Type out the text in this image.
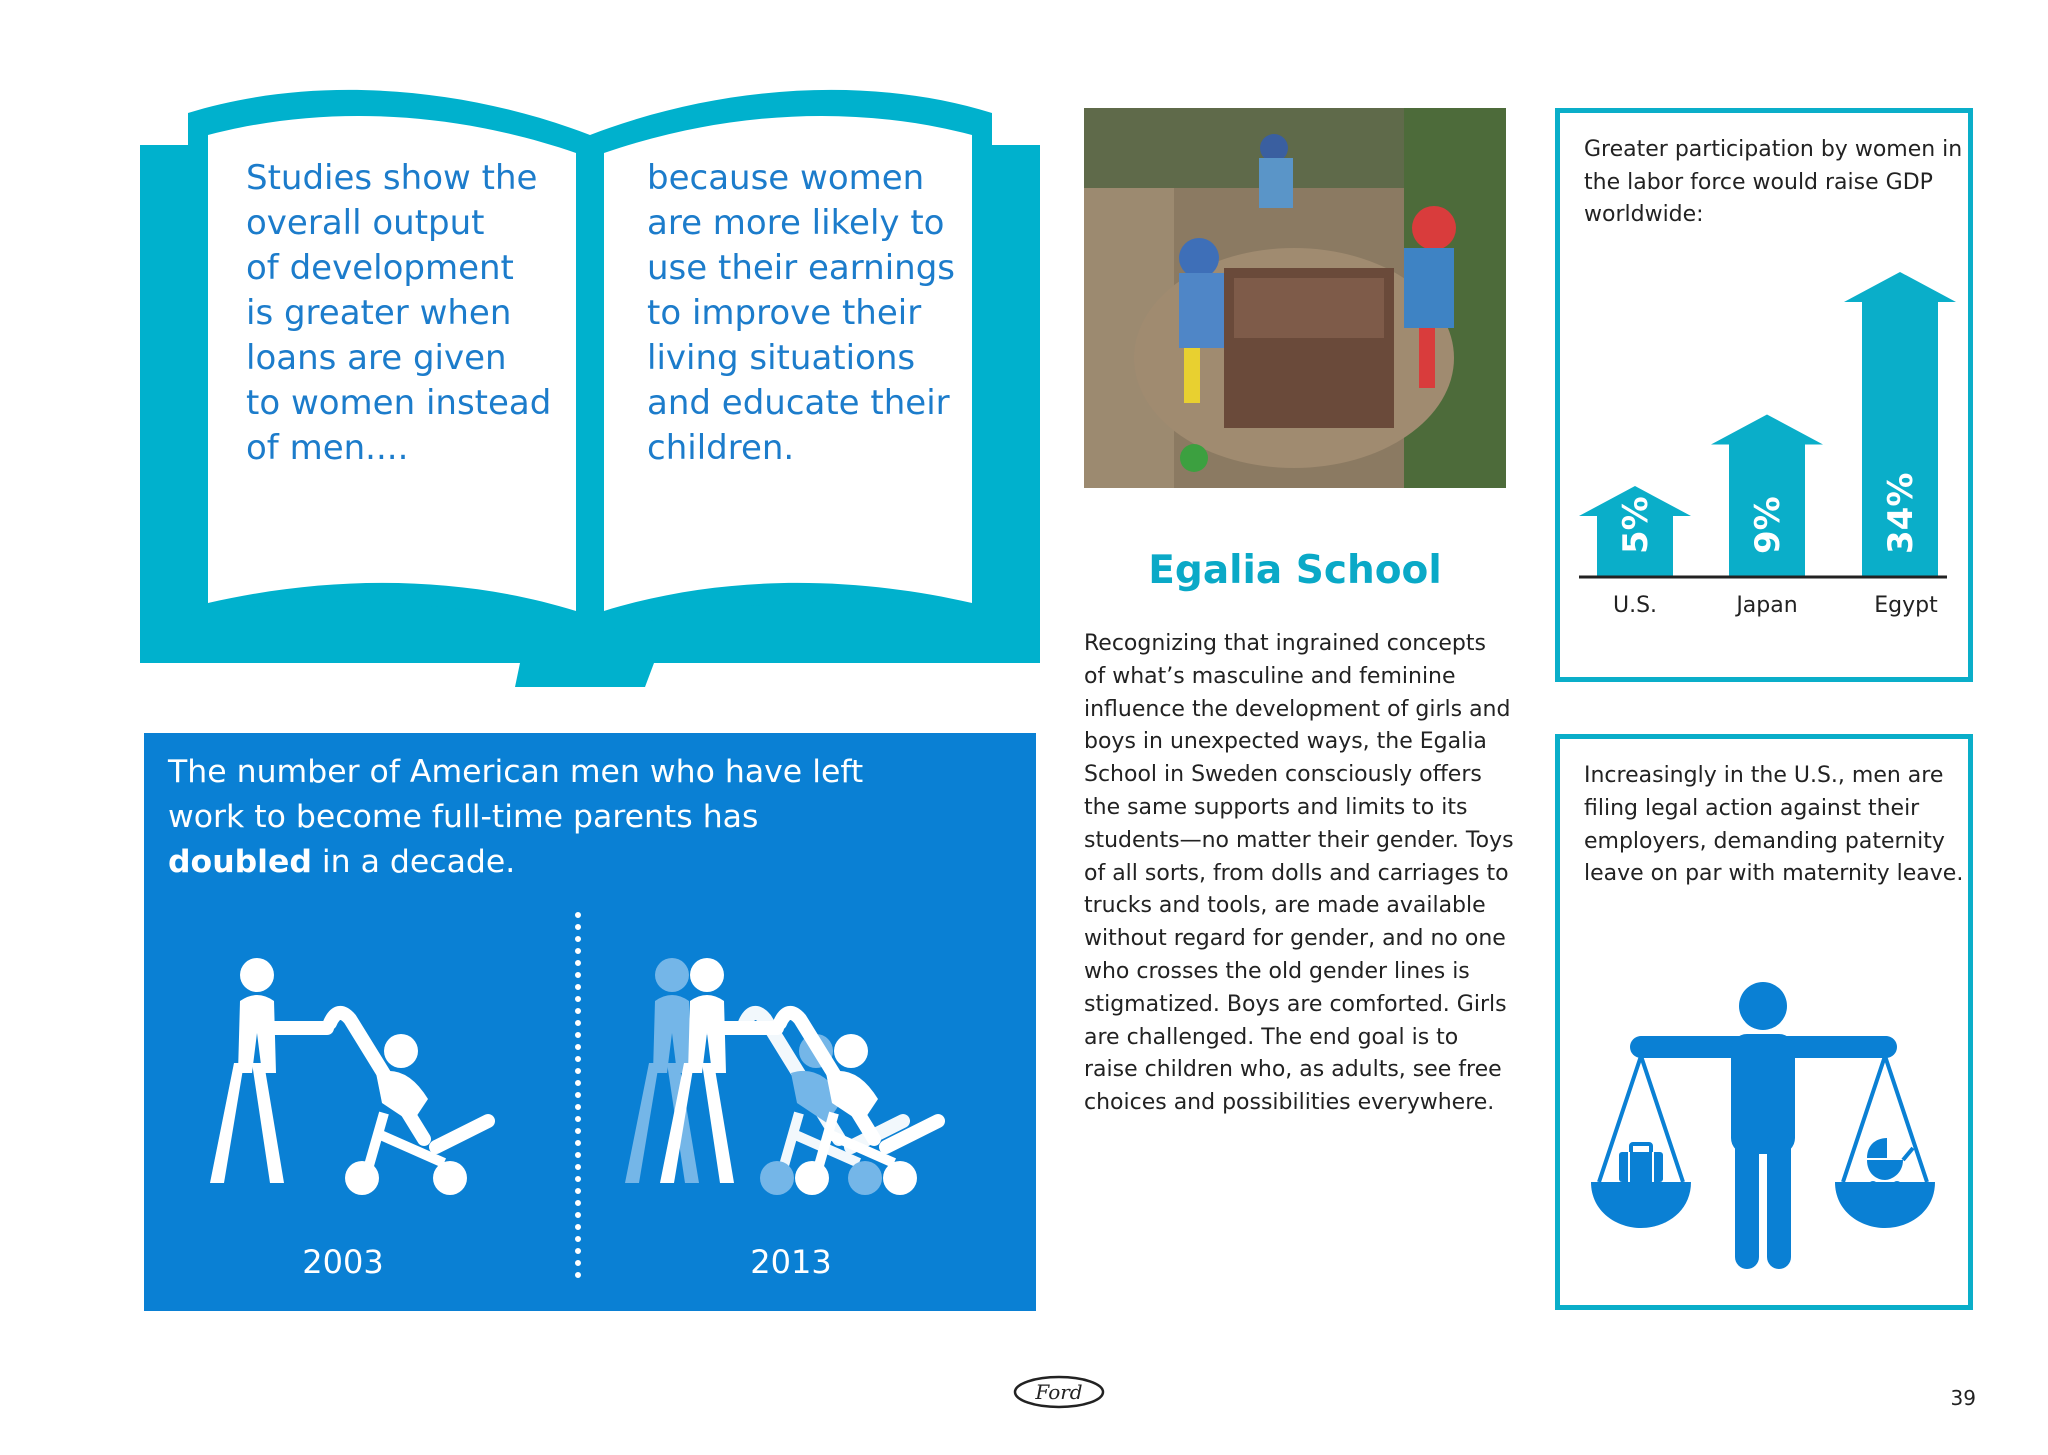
Studies show the
overall output
of development
is greater when
loans are given
to women instead
of men....
because women
are more likely to
use their earnings
to improve their
living situations
and educate their
children.
Egalia School
Recognizing that ingrained concepts of what’s masculine and feminine influence the development of girls and boys in unexpected ways, the Egalia School in Sweden consciously offers the same supports and limits to its students—no matter their gender. Toys of all sorts, from dolls and carriages to trucks and tools, are made available without regard for gender, and no one who crosses the old gender lines is stigmatized. Boys are comforted. Girls are challenged. The end goal is to raise children who, as adults, see free choices and possibilities everywhere.
Greater participation by women in the labor force would raise GDP worldwide:
5%
U.S.
9%
Japan
34%
Egypt
Increasingly in the U.S., men are filing legal action against their employers, demanding paternity leave on par with maternity leave.
The number of American men who have left work to become full-time parents has doubled in a decade.
2003	2013
Ford	39
